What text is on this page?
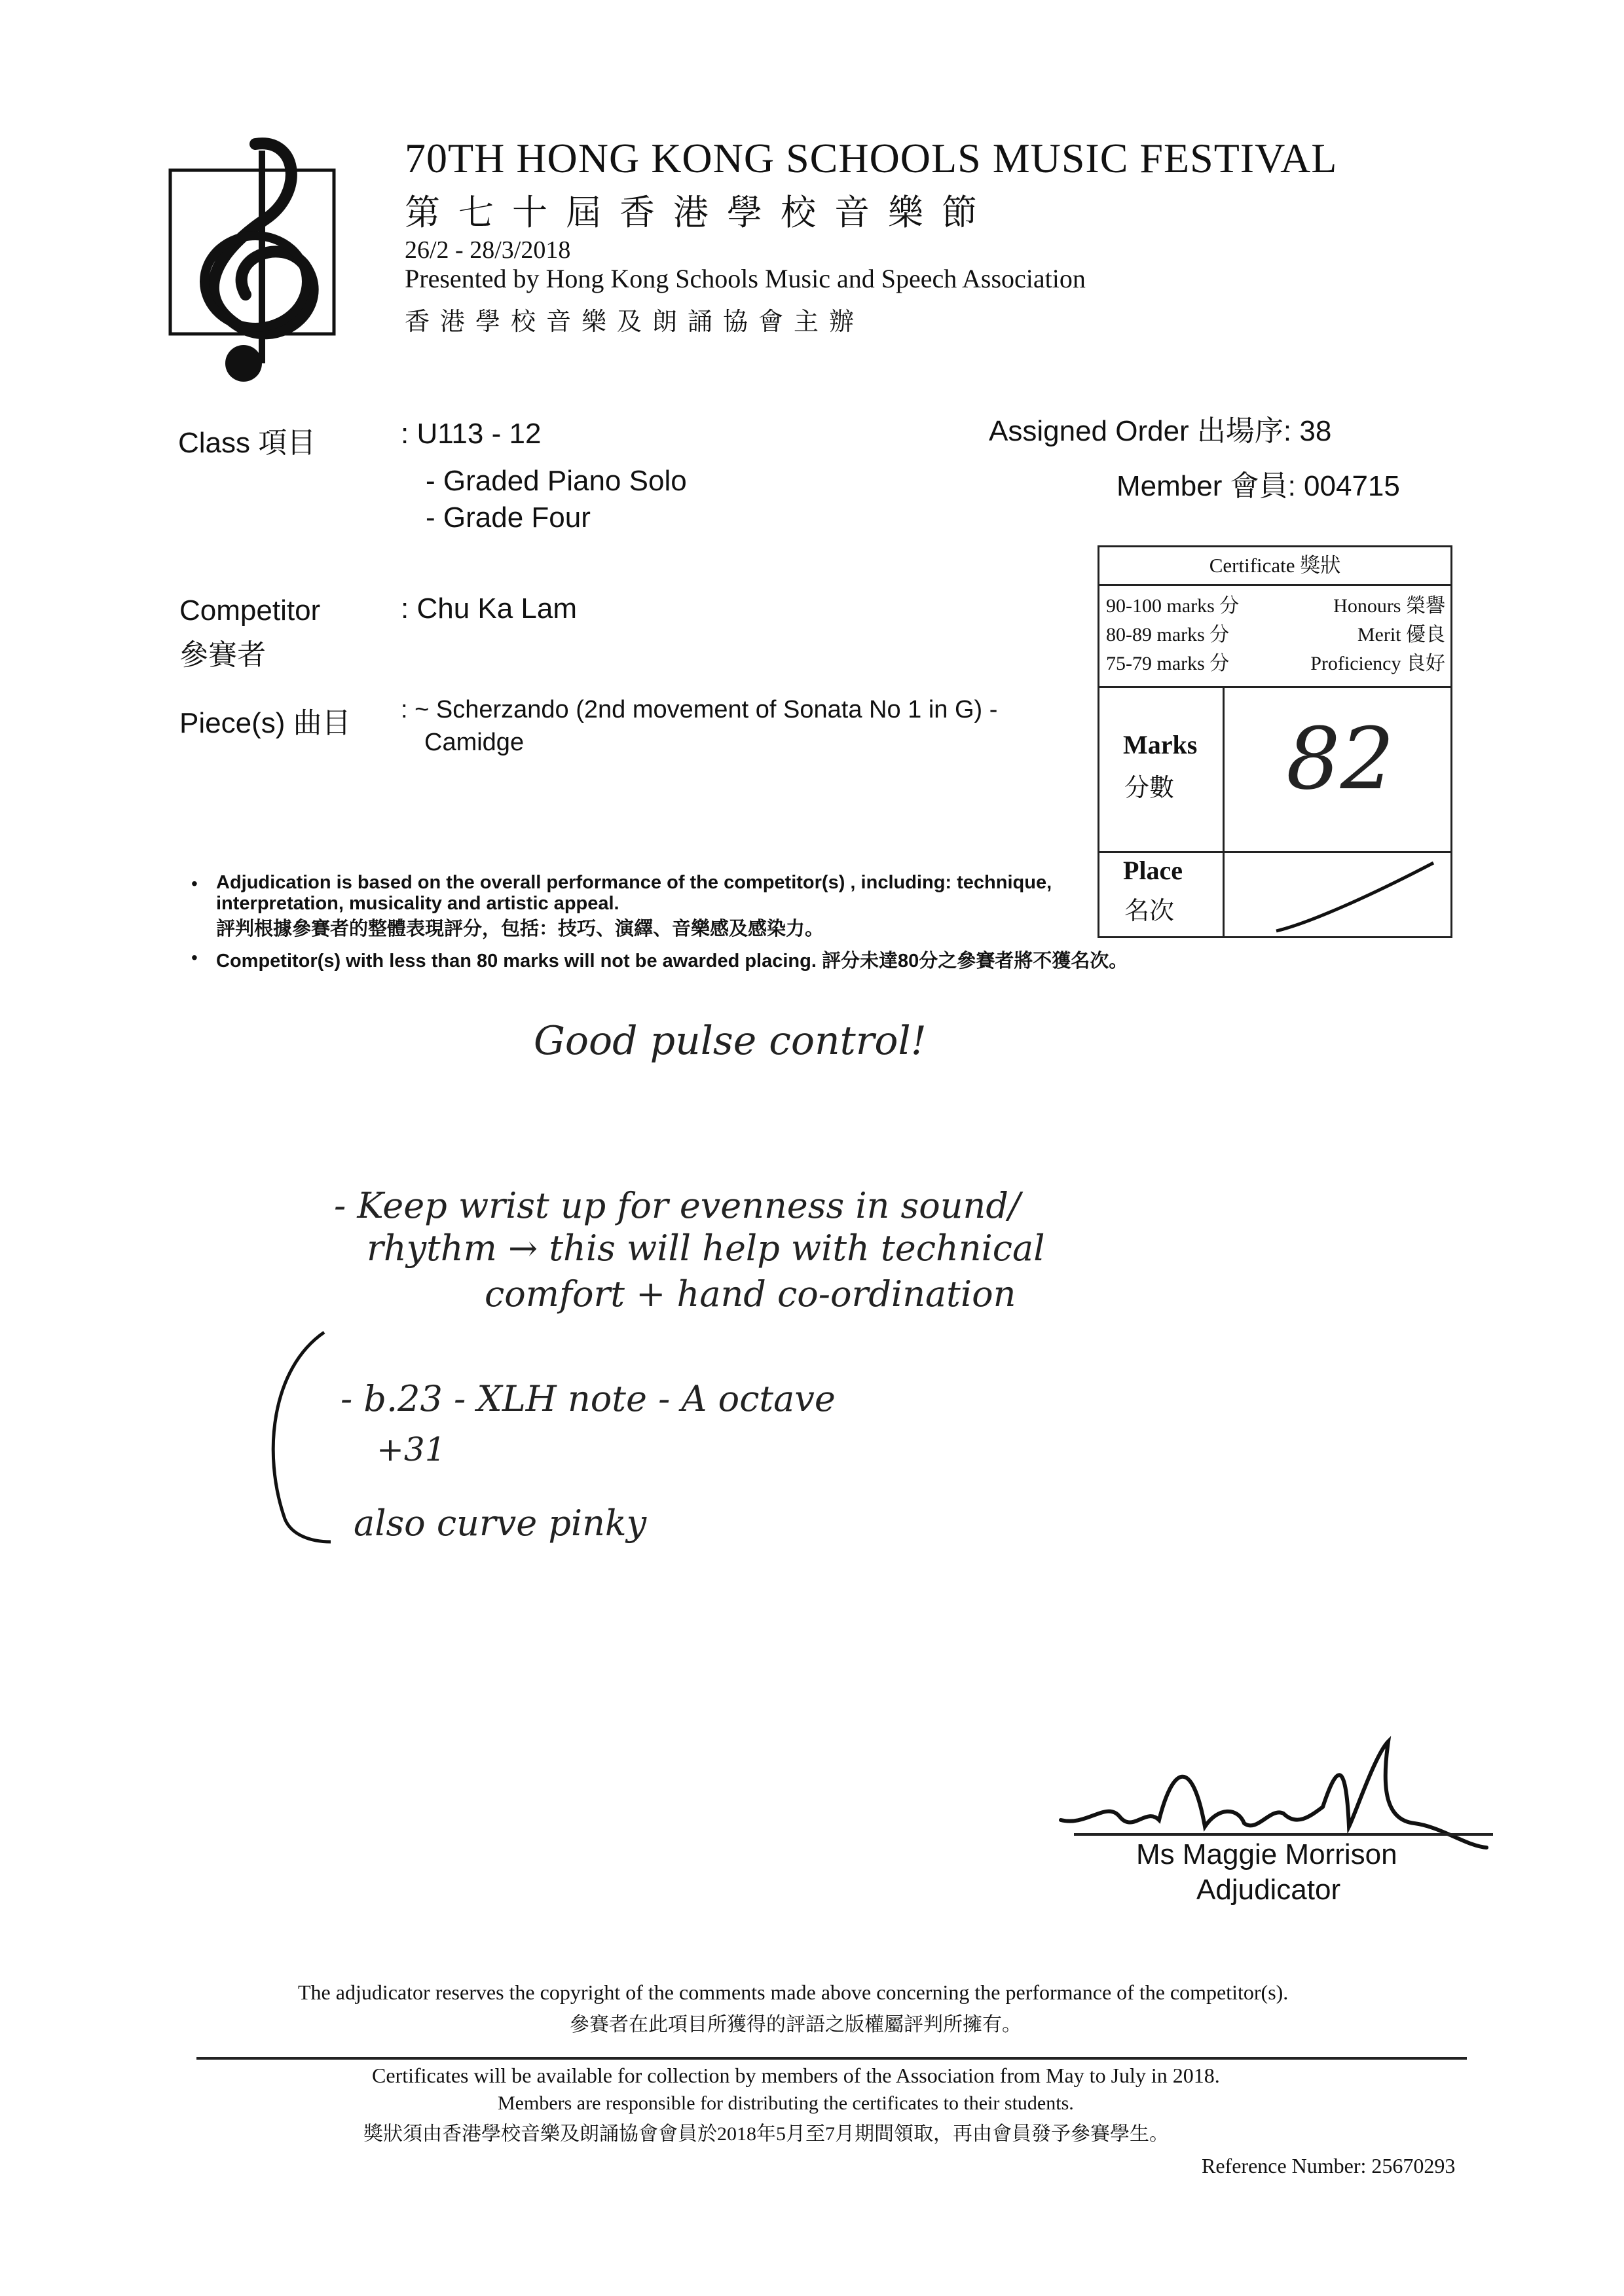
70TH HONG KONG SCHOOLS MUSIC FESTIVAL
第七十屆香港學校音樂節
26/2 - 28/3/2018
Presented by Hong Kong Schools Music and Speech Association
香港學校音樂及朗誦協會主辦
Class 項目	: U113 - 12
- Graded Piano Solo
- Grade Four
Assigned Order 出場序: 38
Member 會員: 004715
Competitor
參賽者
: Chu Ka Lam
Piece(s) 曲目 : ~ Scherzando (2nd movement of Sonata No 1 in G) -
Camidge
Certificate 獎狀
90-100 marks 分	Honours 榮譽
80-89 marks 分	Merit 優良
75-79 marks 分	Proficiency 良好
Marks
分數 82
Place
名次
• Adjudication is based on the overall performance of the competitor(s) , including: technique,
interpretation, musicality and artistic appeal.
評判根據參賽者的整體表現評分，包括：技巧、演繹、音樂感及感染力。
• Competitor(s) with less than 80 marks will not be awarded placing. 評分未達80分之參賽者將不獲名次。
Good pulse control!
- Keep wrist up for evenness in sound/
rhythm → this will help with technical
comfort + hand co-ordination
- b.23 - XLH note - A octave
+31
also curve pinky
Ms Maggie Morrison
Adjudicator
The adjudicator reserves the copyright of the comments made above concerning the performance of the competitor(s).
參賽者在此項目所獲得的評語之版權屬評判所擁有。
Certificates will be available for collection by members of the Association from May to July in 2018.
Members are responsible for distributing the certificates to their students.
獎狀須由香港學校音樂及朗誦協會會員於2018年5月至7月期間領取，再由會員發予參賽學生。
Reference Number: 25670293
